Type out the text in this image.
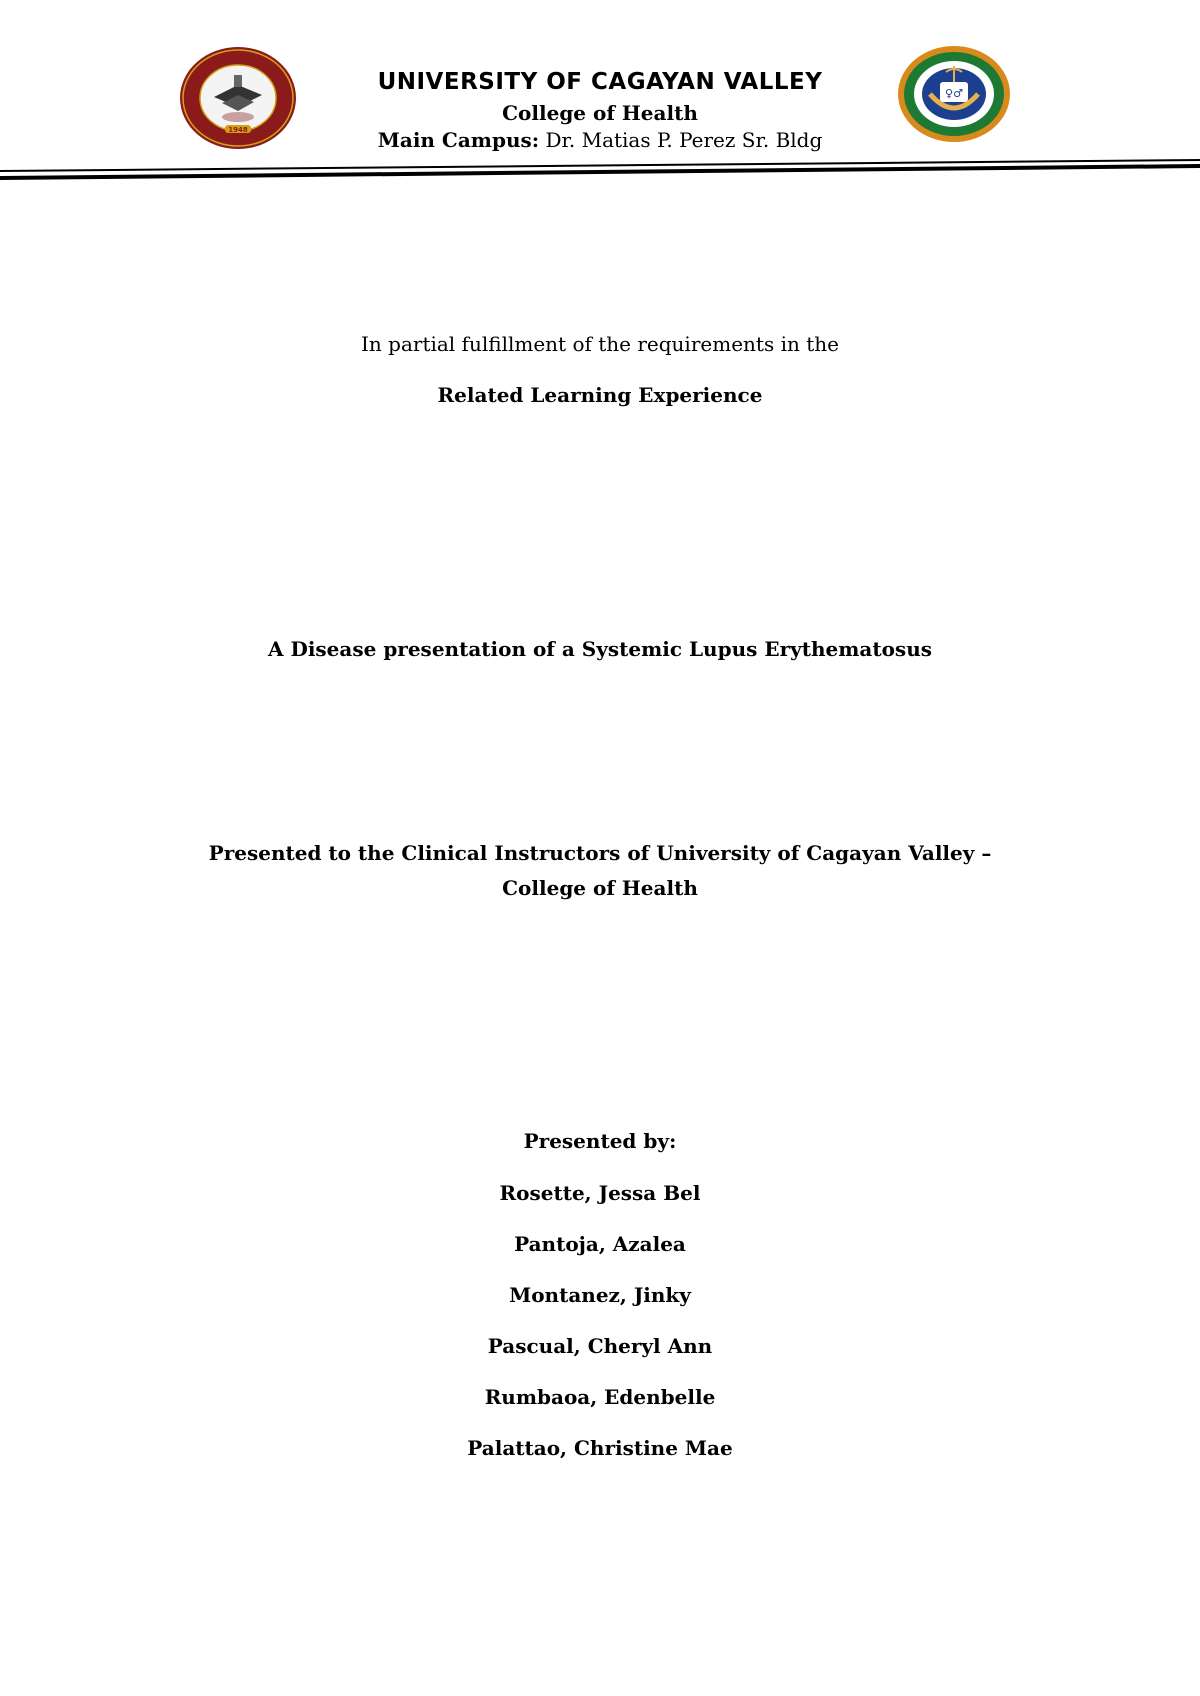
1948
♀♂
UNIVERSITY OF CAGAYAN VALLEY
College of Health
Main Campus: Dr. Matias P. Perez Sr. Bldg
In partial fulfillment of the requirements in the
Related Learning Experience
A Disease presentation of a Systemic Lupus Erythematosus
Presented to the Clinical Instructors of University of Cagayan Valley – College of Health
Presented by:
Rosette, Jessa Bel
Pantoja, Azalea
Montanez, Jinky
Pascual, Cheryl Ann
Rumbaoa, Edenbelle
Palattao, Christine Mae
